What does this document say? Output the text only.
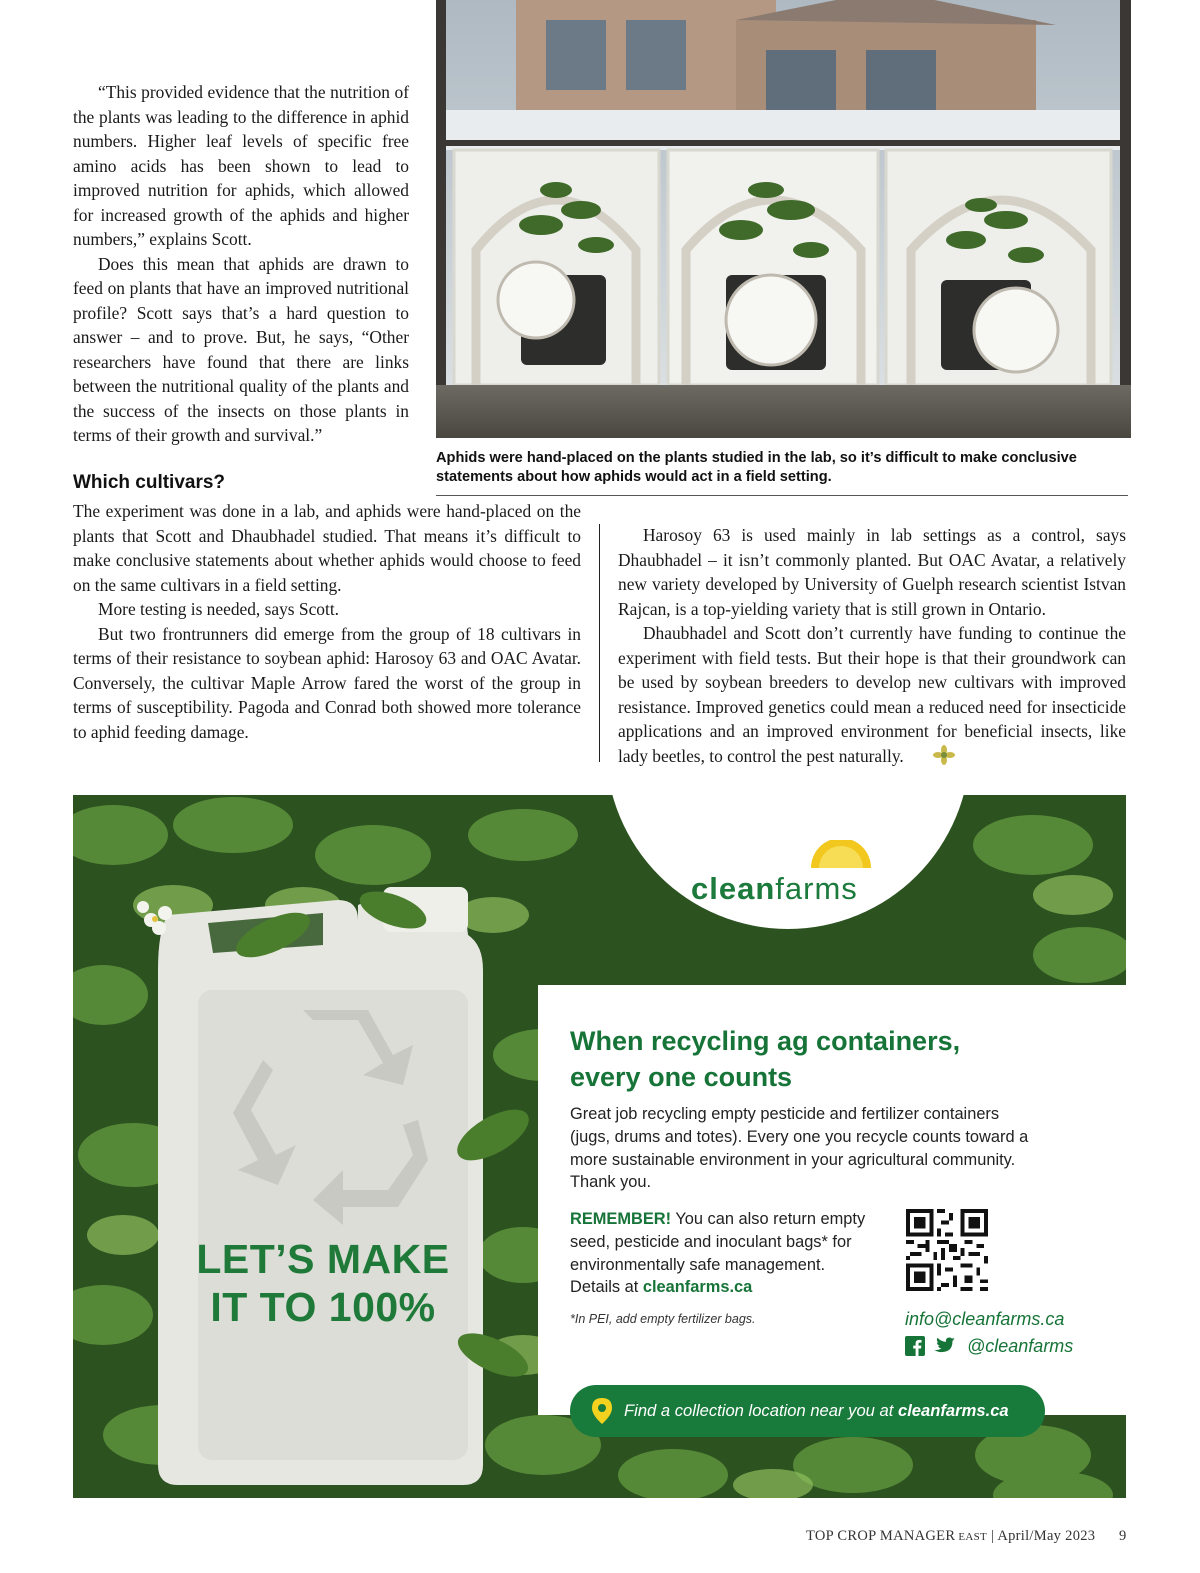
“This provided evidence that the nutrition of the plants was leading to the difference in aphid numbers. Higher leaf levels of specific free amino acids has been shown to lead to improved nutrition for aphids, which allowed for increased growth of the aphids and higher numbers,” explains Scott.

Does this mean that aphids are drawn to feed on plants that have an improved nutritional profile? Scott says that’s a hard question to answer – and to prove. But, he says, “Other researchers have found that there are links between the nutritional quality of the plants and the success of the insects on those plants in terms of their growth and survival.”

Aphids were hand-placed on the plants studied in the lab, so it’s difficult to make conclusive statements about how aphids would act in a field setting.
Which cultivars?

The experiment was done in a lab, and aphids were hand-placed on the plants that Scott and Dhaubhadel studied. That means it’s difficult to make conclusive statements about whether aphids would choose to feed on the same cultivars in a field setting.

More testing is needed, says Scott.

But two frontrunners did emerge from the group of 18 cultivars in terms of their resistance to soybean aphid: Harosoy 63 and OAC Avatar. Conversely, the cultivar Maple Arrow fared the worst of the group in terms of susceptibility. Pagoda and Conrad both showed more tolerance to aphid feeding damage.

Harosoy 63 is used mainly in lab settings as a control, says Dhaubhadel – it isn’t commonly planted. But OAC Avatar, a relatively new variety developed by University of Guelph research scientist Istvan Rajcan, is a top-yielding variety that is still grown in Ontario.

Dhaubhadel and Scott don’t currently have funding to continue the experiment with field tests. But their hope is that their groundwork can be used by soybean breeders to develop new cultivars with improved resistance. Improved genetics could mean a reduced need for insecticide applications and an improved environment for beneficial insects, like lady beetles, to control the pest naturally.

cleanfarms
LET’S MAKE
IT TO 100%
When recycling ag containers,
every one counts
Great job recycling empty pesticide and fertilizer containers (jugs, drums and totes). Every one you recycle counts toward a more sustainable environment in your agricultural community. Thank you.
REMEMBER! You can also return empty seed, pesticide and inoculant bags* for environmentally safe management.
Details at cleanfarms.ca
*In PEI, add empty fertilizer bags.	info@cleanfarms.ca
@cleanfarms
Find a collection location near you at cleanfarms.ca
TOP CROP MANAGER EAST | April/May 2023 9
